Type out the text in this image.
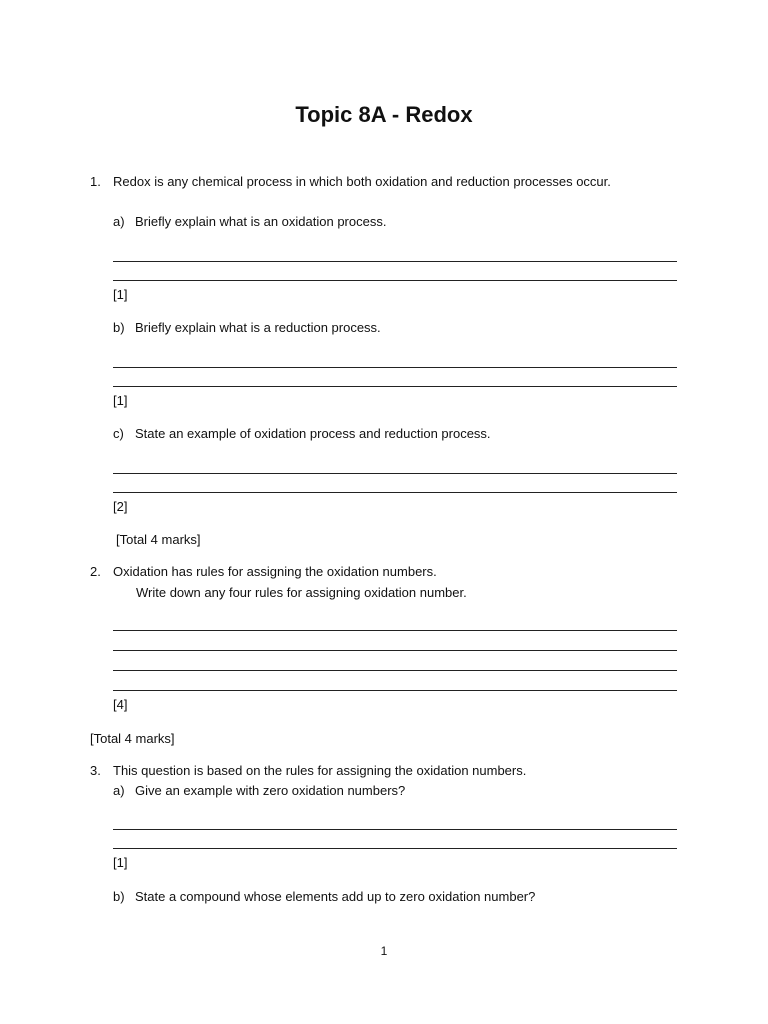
Topic 8A - Redox
1. Redox is any chemical process in which both oxidation and reduction processes occur.
a) Briefly explain what is an oxidation process.
[1]
b) Briefly explain what is a reduction process.
[1]
c) State an example of oxidation process and reduction process.
[2]
[Total 4 marks]
2. Oxidation has rules for assigning the oxidation numbers.
Write down any four rules for assigning oxidation number.
[4]
[Total 4 marks]
3. This question is based on the rules for assigning the oxidation numbers.
a) Give an example with zero oxidation numbers?
[1]
b) State a compound whose elements add up to zero oxidation number?
1
